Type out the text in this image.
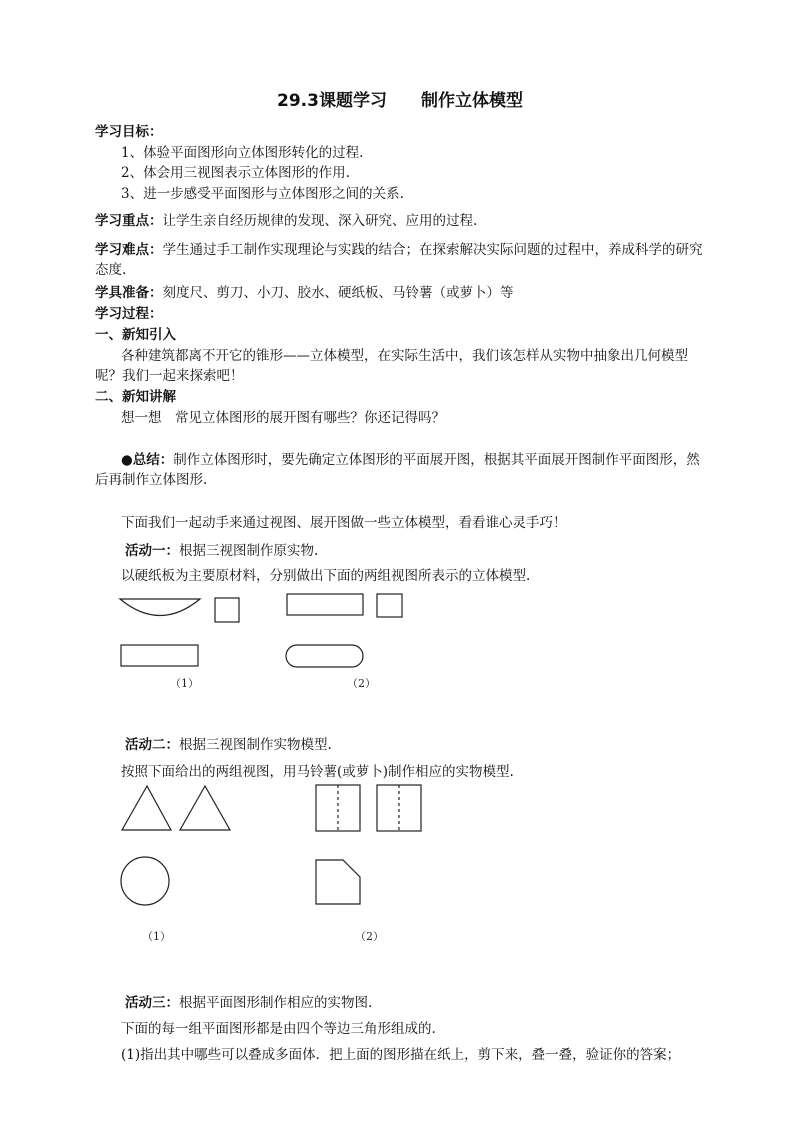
29.3课题学习 制作立体模型
学习目标：
1、体验平面图形向立体图形转化的过程.
2、体会用三视图表示立体图形的作用.
3、进一步感受平面图形与立体图形之间的关系.
学习重点：让学生亲自经历规律的发现、深入研究、应用的过程.
学习难点：学生通过手工制作实现理论与实践的结合；在探索解决实际问题的过程中，养成科学的研究态度.
学具准备：刻度尺、剪刀、小刀、胶水、硬纸板、马铃薯（或萝卜）等
学习过程：
一、新知引入
各种建筑都离不开它的锥形——立体模型，在实际生活中，我们该怎样从实物中抽象出几何模型呢？我们一起来探索吧！
二、新知讲解
想一想　常见立体图形的展开图有哪些？你还记得吗？
●总结：制作立体图形时，要先确定立体图形的平面展开图，根据其平面展开图制作平面图形，然后再制作立体图形.
下面我们一起动手来通过视图、展开图做一些立体模型，看看谁心灵手巧！
活动一：根据三视图制作原实物.
以硬纸板为主要原材料，分别做出下面的两组视图所表示的立体模型.
活动二：根据三视图制作实物模型.
按照下面给出的两组视图，用马铃薯(或萝卜)制作相应的实物模型.
活动三：根据平面图形制作相应的实物图.
下面的每一组平面图形都是由四个等边三角形组成的.
(1)指出其中哪些可以叠成多面体．把上面的图形描在纸上，剪下来，叠一叠，验证你的答案；
（1）	（2）
（1）	（2）
